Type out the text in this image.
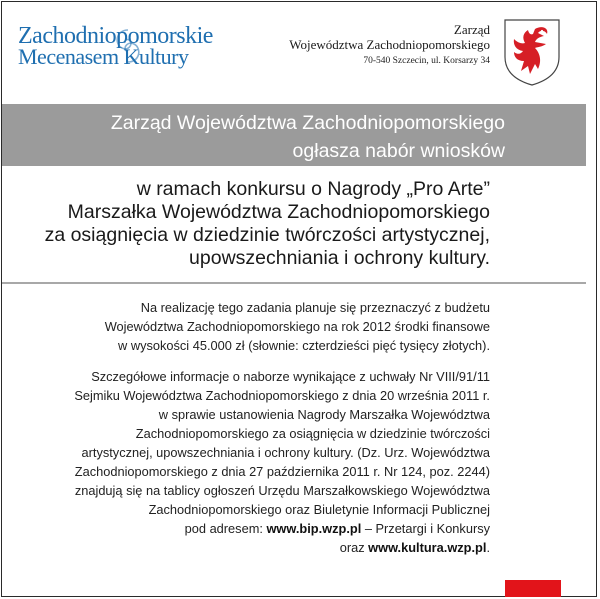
Zachodniopomorskie
Mecenasem Kultury
Zarząd
Województwa Zachodniopomorskiego
70-540 Szczecin, ul. Korsarzy 34
Zarząd Województwa Zachodniopomorskiego
ogłasza nabór wniosków
w ramach konkursu o Nagrody „Pro Arte”
Marszałka Województwa Zachodniopomorskiego
za osiągnięcia w dziedzinie twórczości artystycznej,
upowszechniania i ochrony kultury.
Na realizację tego zadania planuje się przeznaczyć z budżetu
Województwa Zachodniopomorskiego na rok 2012 środki finansowe
w wysokości 45.000 zł (słownie: czterdzieści pięć tysięcy złotych).
Szczegółowe informacje o naborze wynikające z uchwały Nr VIII/91/11
Sejmiku Województwa Zachodniopomorskiego z dnia 20 września 2011 r.
w sprawie ustanowienia Nagrody Marszałka Województwa
Zachodniopomorskiego za osiągnięcia w dziedzinie twórczości
artystycznej, upowszechniania i ochrony kultury. (Dz. Urz. Województwa
Zachodniopomorskiego z dnia 27 października 2011 r. Nr 124, poz. 2244)
znajdują się na tablicy ogłoszeń Urzędu Marszałkowskiego Województwa
Zachodniopomorskiego oraz Biuletynie Informacji Publicznej
pod adresem: www.bip.wzp.pl – Przetargi i Konkursy
oraz www.kultura.wzp.pl.
